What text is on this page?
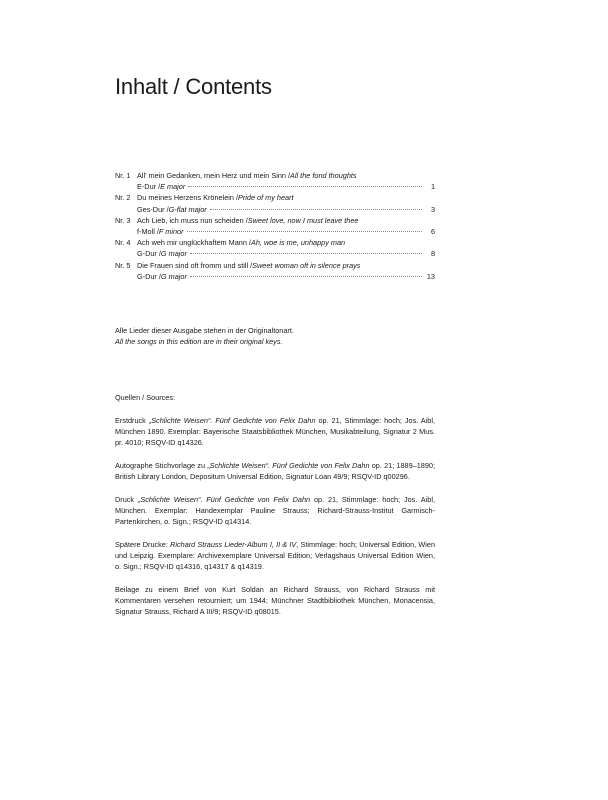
Inhalt / Contents
Nr. 1 All’ mein Gedanken, mein Herz und mein Sinn / All the fond thoughts
E-Dur / E major	1
Nr. 2 Du meines Herzens Krönelein / Pride of my heart
Ges-Dur / G-flat major	3
Nr. 3 Ach Lieb, ich muss nun scheiden / Sweet love, now I must leave thee
f-Moll / F minor	6
Nr. 4 Ach weh mir unglückhaftem Mann / Ah, woe is me, unhappy man
G-Dur / G major	8
Nr. 5 Die Frauen sind oft fromm und still / Sweet woman oft in silence prays
G-Dur / G major	13
Alle Lieder dieser Ausgabe stehen in der Originaltonart.
All the songs in this edition are in their original keys.

Quellen / Sources:

Erstdruck „Schlichte Weisen“. Fünf Gedichte von Felix Dahn op. 21, Stimmlage: hoch; Jos. Aibl, München 1890. Exemplar: Bayerische Staatsbibliothek München, Musikabteilung, Signatur 2 Mus. pr. 4010; RSQV-ID q14326.

Autographe Stichvorlage zu „Schlichte Weisen“. Fünf Gedichte von Felix Dahn op. 21; 1889–1890; British Library London, Depositum Universal Edition, Signatur Loan 49/9; RSQV-ID q00296.

Druck „Schlichte Weisen“. Fünf Gedichte von Felix Dahn op. 21, Stimmlage: hoch; Jos. Aibl, München. Exemplar: Handexemplar Pauline Strauss; Richard-Strauss-Institut Garmisch-Partenkirchen, o. Sign.; RSQV-ID q14314.

Spätere Drucke: Richard Strauss Lieder-Album I, II & IV, Stimmlage: hoch; Universal Edition, Wien und Leipzig. Exemplare: Archivexemplare Universal Edition; Verlagshaus Universal Edition Wien, o. Sign.; RSQV-ID q14316, q14317 & q14319.

Beilage zu einem Brief von Kurt Soldan an Richard Strauss, von Richard Strauss mit Kommentaren versehen retourniert; um 1944; Münchner Stadtbibliothek München, Monacensia, Signatur Strauss, Richard A III/9; RSQV-ID q08015.
